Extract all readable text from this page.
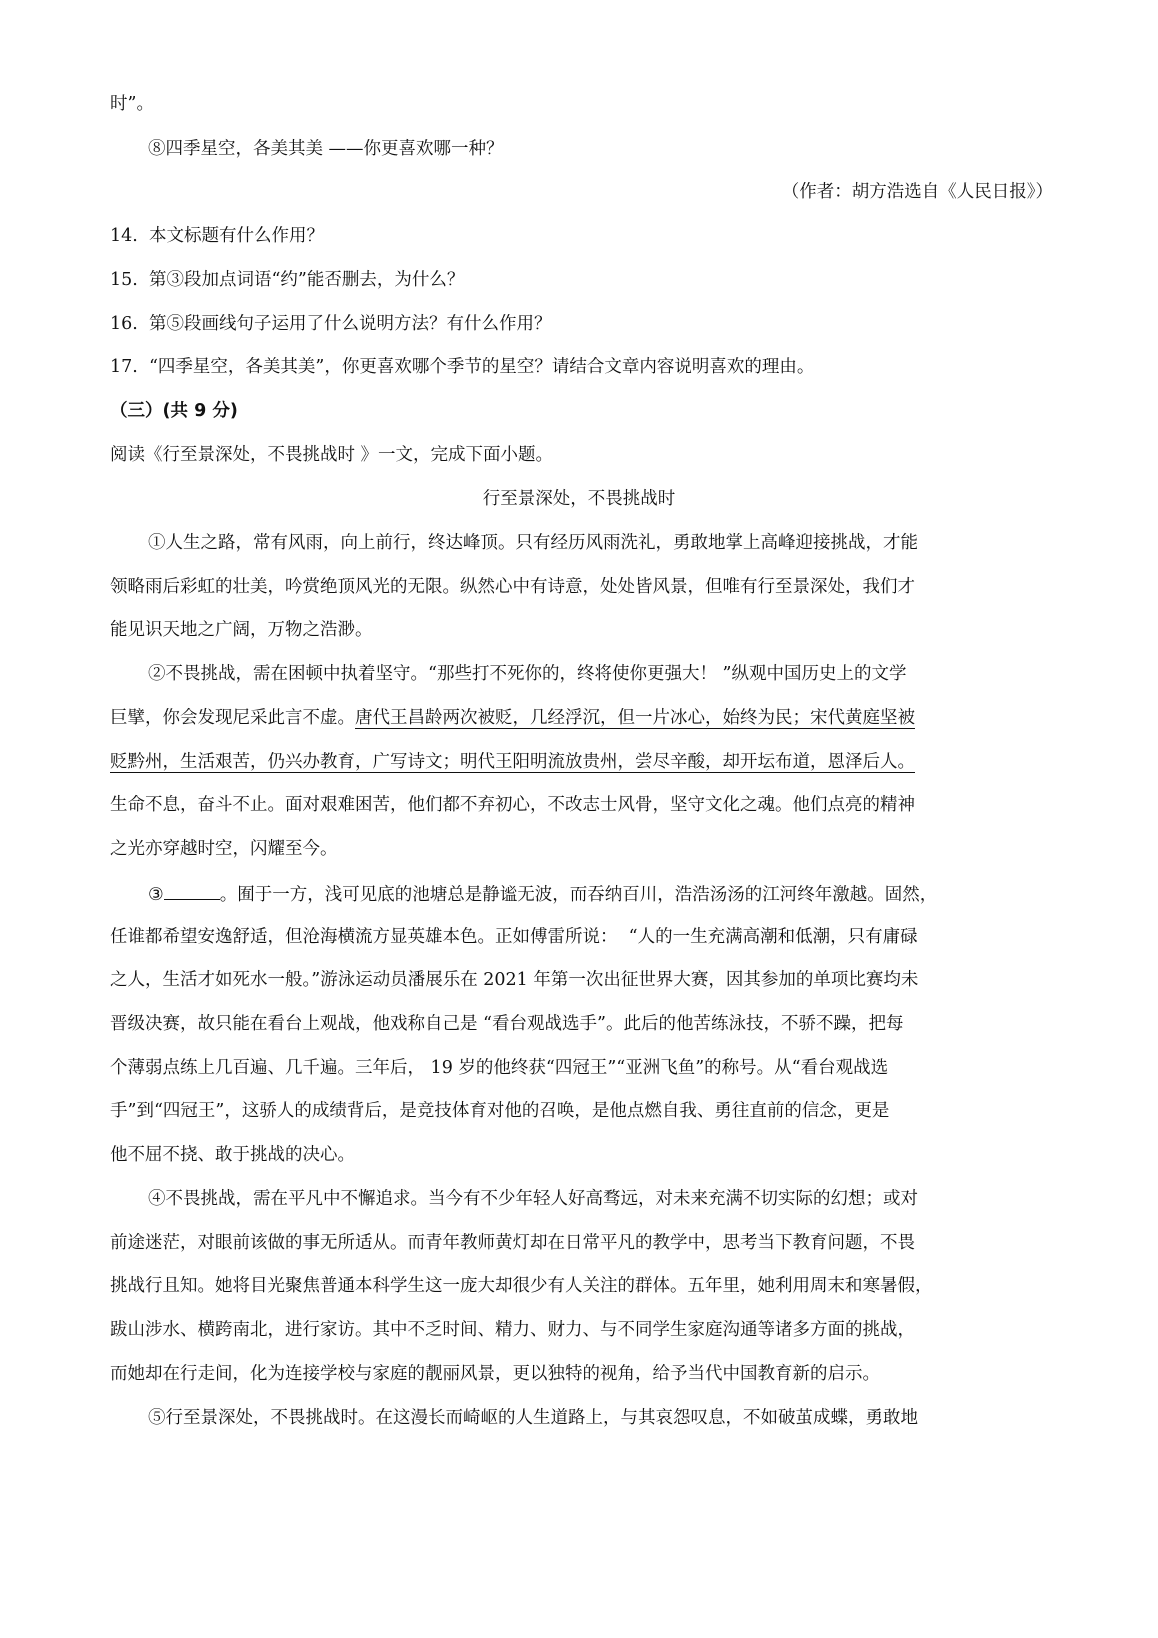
时”。
⑧四季星空，各美其美 ——你更喜欢哪一种？
（作者：胡方浩选自《人民日报》）
14.  本文标题有什么作用？
15.  第③段加点词语“约”能否删去，为什么？
16.  第⑤段画线句子运用了什么说明方法？有什么作用？
17.  “四季星空，各美其美”，你更喜欢哪个季节的星空？请结合文章内容说明喜欢的理由。
（三）(共 9 分)
阅读《行至景深处，不畏挑战时 》一文，完成下面小题。
行至景深处，不畏挑战时
①人生之路，常有风雨，向上前行，终达峰顶。只有经历风雨洗礼，勇敢地掌上高峰迎接挑战，才能
领略雨后彩虹的壮美，吟赏绝顶风光的无限。纵然心中有诗意，处处皆风景，但唯有行至景深处，我们才
能见识天地之广阔，万物之浩渺。
②不畏挑战，需在困顿中执着坚守。“那些打不死你的，终将使你更强大！ ”纵观中国历史上的文学
巨擘，你会发现尼采此言不虚。唐代王昌龄两次被贬，几经浮沉，但一片冰心，始终为民；宋代黄庭坚被
贬黔州，生活艰苦，仍兴办教育，广写诗文；明代王阳明流放贵州，尝尽辛酸，却开坛布道，恩泽后人。
生命不息，奋斗不止。面对艰难困苦，他们都不弃初心，不改志士风骨，坚守文化之魂。他们点亮的精神
之光亦穿越时空，闪耀至今。
③	。囿于一方，浅可见底的池塘总是静谧无波，而吞纳百川，浩浩汤汤的江河终年激越。固然，
任谁都希望安逸舒适，但沧海横流方显英雄本色。正如傅雷所说：  “人的一生充满高潮和低潮，只有庸碌
之人，生活才如死水一般。”游泳运动员潘展乐在 2021 年第一次出征世界大赛，因其参加的单项比赛均未
晋级决赛，故只能在看台上观战，他戏称自己是 “看台观战选手”。此后的他苦练泳技，不骄不躁，把每
个薄弱点练上几百遍、几千遍。三年后， 19 岁的他终获“四冠王”“亚洲飞鱼”的称号。从“看台观战选
手”到“四冠王”，这骄人的成绩背后，是竞技体育对他的召唤，是他点燃自我、勇往直前的信念，更是
他不屈不挠、敢于挑战的决心。
④不畏挑战，需在平凡中不懈追求。当今有不少年轻人好高骛远，对未来充满不切实际的幻想；或对
前途迷茫，对眼前该做的事无所适从。而青年教师黄灯却在日常平凡的教学中，思考当下教育问题，不畏
挑战行且知。她将目光聚焦普通本科学生这一庞大却很少有人关注的群体。五年里，她利用周末和寒暑假，
跋山涉水、横跨南北，进行家访。其中不乏时间、精力、财力、与不同学生家庭沟通等诸多方面的挑战，
而她却在行走间，化为连接学校与家庭的靓丽风景，更以独特的视角，给予当代中国教育新的启示。
⑤行至景深处，不畏挑战时。在这漫长而崎岖的人生道路上，与其哀怨叹息，不如破茧成蝶，勇敢地
